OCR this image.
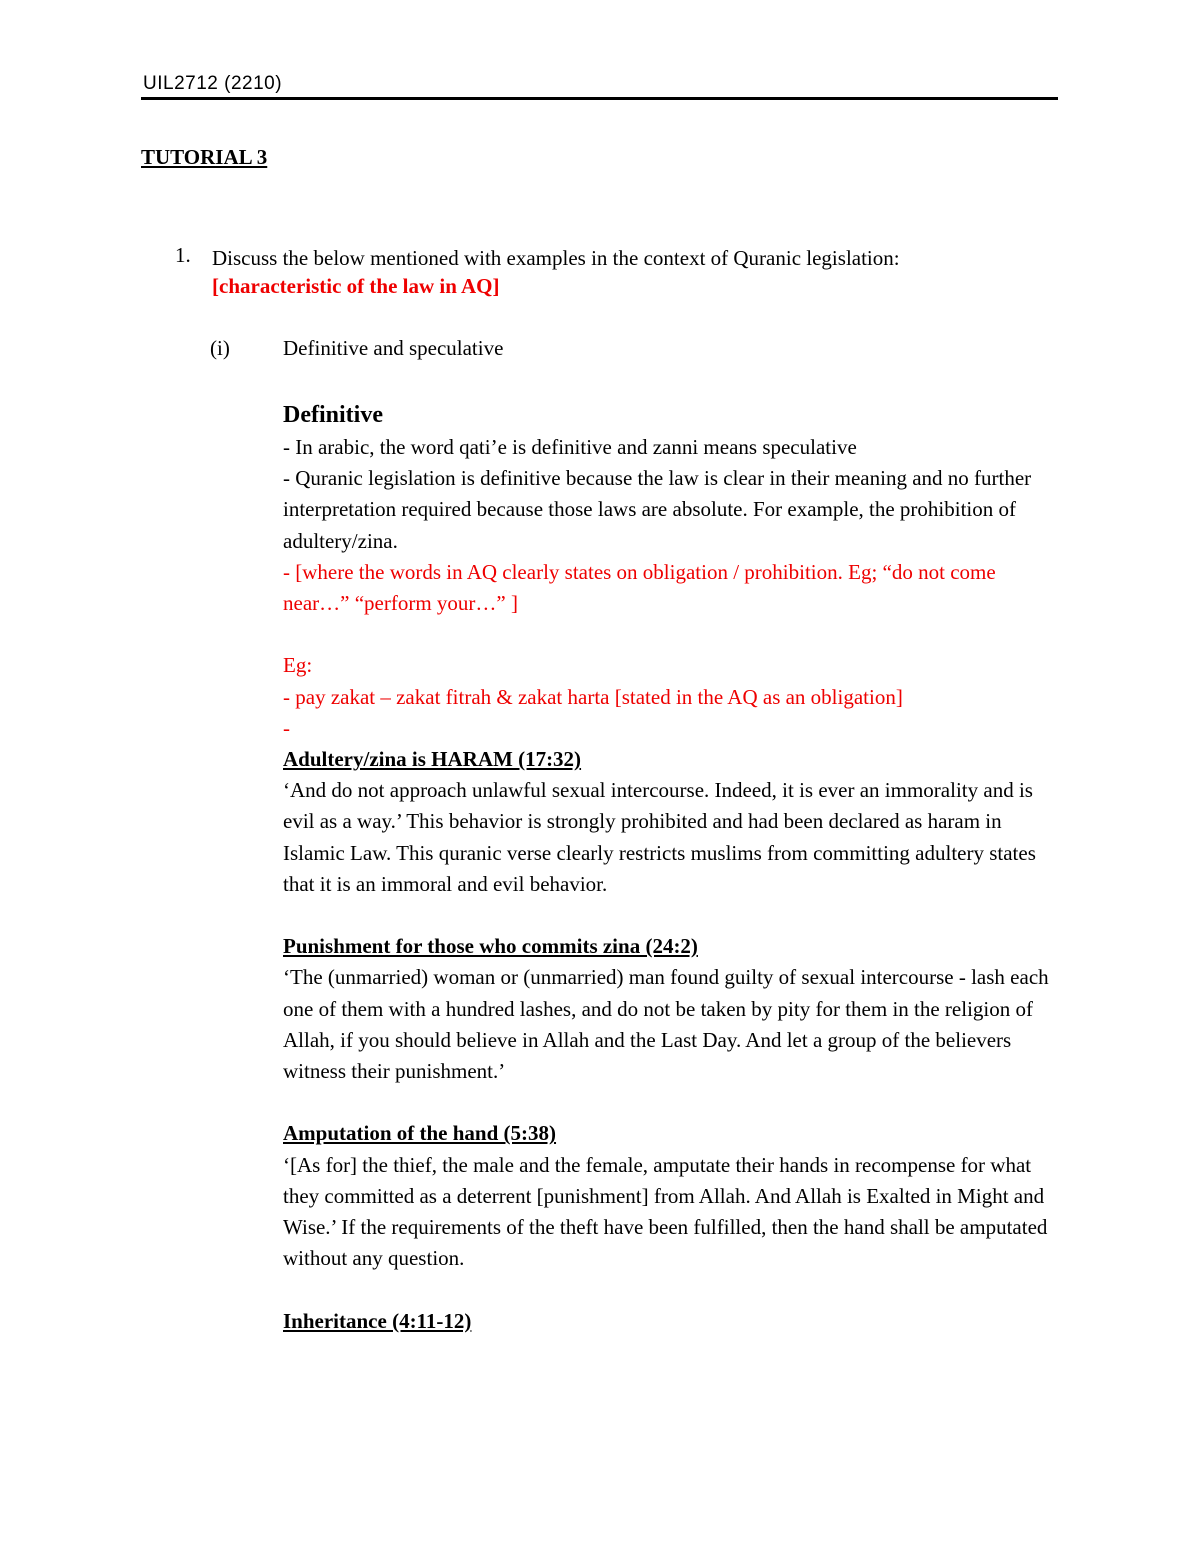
UIL2712 (2210)
TUTORIAL 3
1. Discuss the below mentioned with examples in the context of Quranic legislation:
[characteristic of the law in AQ]
(i)	Definitive and speculative

Definitive

- In arabic, the word qati’e is definitive and zanni means speculative

- Quranic legislation is definitive because the law is clear in their meaning and no further interpretation required because those laws are absolute. For example, the prohibition of adultery/zina.

- [where the words in AQ clearly states on obligation / prohibition. Eg; “do not come near…” “perform your…” ]

Eg:

- pay zakat – zakat fitrah & zakat harta [stated in the AQ as an obligation]

-

Adultery/zina is HARAM (17:32)

‘And do not approach unlawful sexual intercourse. Indeed, it is ever an immorality and is evil as a way.’ This behavior is strongly prohibited and had been declared as haram in Islamic Law. This quranic verse clearly restricts muslims from committing adultery states that it is an immoral and evil behavior.

Punishment for those who commits zina (24:2)

‘The (unmarried) woman or (unmarried) man found guilty of sexual intercourse - lash each one of them with a hundred lashes, and do not be taken by pity for them in the religion of Allah, if you should believe in Allah and the Last Day. And let a group of the believers witness their punishment.’

Amputation of the hand (5:38)

‘[As for] the thief, the male and the female, amputate their hands in recompense for what they committed as a deterrent [punishment] from Allah. And Allah is Exalted in Might and Wise.’ If the requirements of the theft have been fulfilled, then the hand shall be amputated without any question.

Inheritance (4:11-12)
